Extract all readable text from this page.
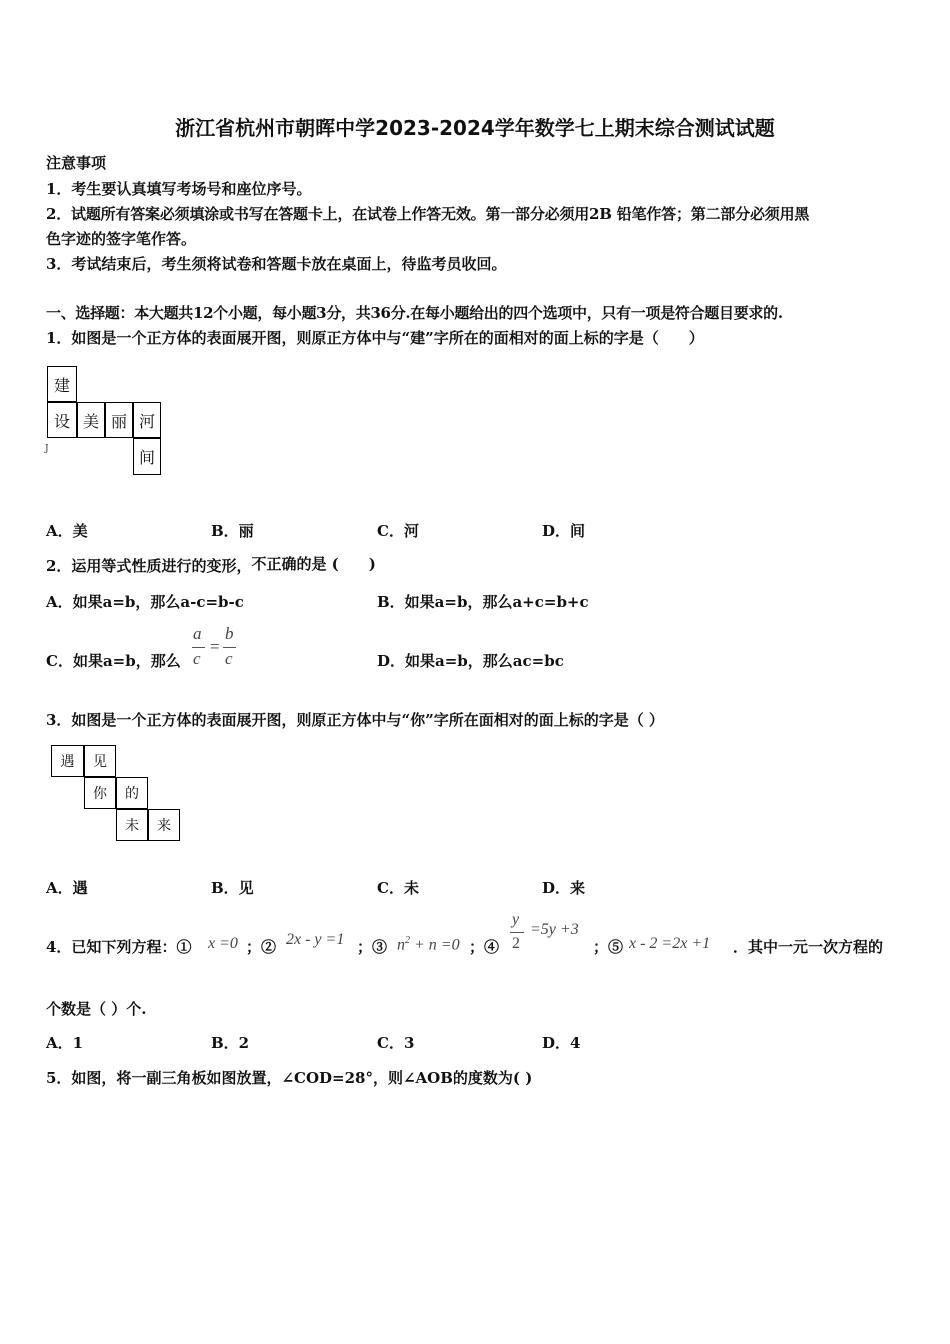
浙江省杭州市朝晖中学2023-2024学年数学七上期末综合测试试题
注意事项
1．考生要认真填写考场号和座位序号。
2．试题所有答案必须填涂或书写在答题卡上，在试卷上作答无效。第一部分必须用2B 铅笔作答；第二部分必须用黑
色字迹的签字笔作答。
3．考试结束后，考生须将试卷和答题卡放在桌面上，待监考员收回。
一、选择题：本大题共12个小题，每小题3分，共36分.在每小题给出的四个选项中，只有一项是符合题目要求的.
1．如图是一个正方体的表面展开图，则原正方体中与“建”字所在的面相对的面上标的字是（　　）
建
设 美 丽 河
间
J
A．美	B．丽	C．河	D．间
2．运用等式性质进行的变形，不正确的是 (　　)
A．如果a=b，那么a-c=b-c	B．如果a=b，那么a+c=b+c
C．如果a=b，那么
a
c
=
b
c	D．如果a=b，那么ac=bc
3．如图是一个正方体的表面展开图，则原正方体中与“你”字所在面相对的面上标的字是（ ）
遇	见
你	的
未	来
A．遇	B．见	C．未	D．来
4．已知下列方程：① x =0 ；② 2x - y =1 ；③ $n^2 + n =0$ ；④
y
2
=5y +3
；⑤ x - 2 =2x +1 ．其中一元一次方程的
个数是（ ）个.
A．1	B．2	C．3	D．4
5．如图，将一副三角板如图放置，∠COD=28°，则∠AOB的度数为( )
